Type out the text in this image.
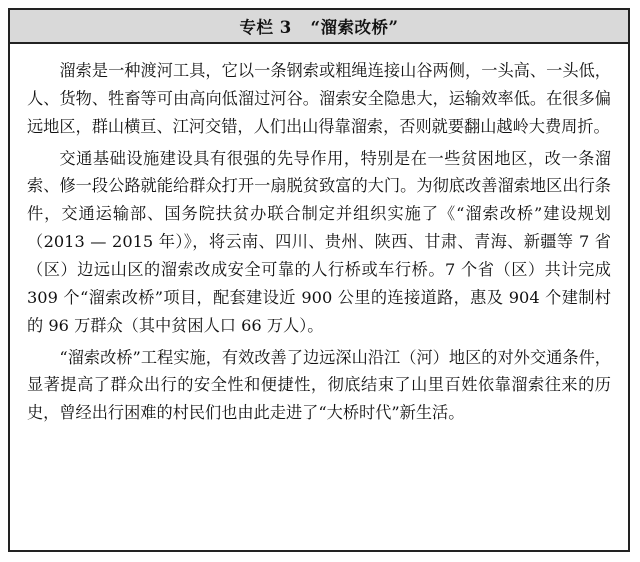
专栏 3   “溜索改桥”

溜索是一种渡河工具，它以一条钢索或粗绳连接山谷两侧，一头高、一头低，人、货物、牲畜等可由高向低溜过河谷。溜索安全隐患大，运输效率低。在很多偏远地区，群山横亘、江河交错，人们出山得靠溜索，否则就要翻山越岭大费周折。

交通基础设施建设具有很强的先导作用，特别是在一些贫困地区，改一条溜索、修一段公路就能给群众打开一扇脱贫致富的大门。为彻底改善溜索地区出行条件，交通运输部、国务院扶贫办联合制定并组织实施了《“溜索改桥”建设规划（2013 — 2015 年）》，将云南、四川、贵州、陕西、甘肃、青海、新疆等 7 省（区）边远山区的溜索改成安全可靠的人行桥或车行桥。7 个省（区）共计完成 309 个“溜索改桥”项目，配套建设近 900 公里的连接道路，惠及 904 个建制村的 96 万群众（其中贫困人口 66 万人）。

“溜索改桥”工程实施，有效改善了边远深山沿江（河）地区的对外交通条件，显著提高了群众出行的安全性和便捷性，彻底结束了山里百姓依靠溜索往来的历史，曾经出行困难的村民们也由此走进了“大桥时代”新生活。
